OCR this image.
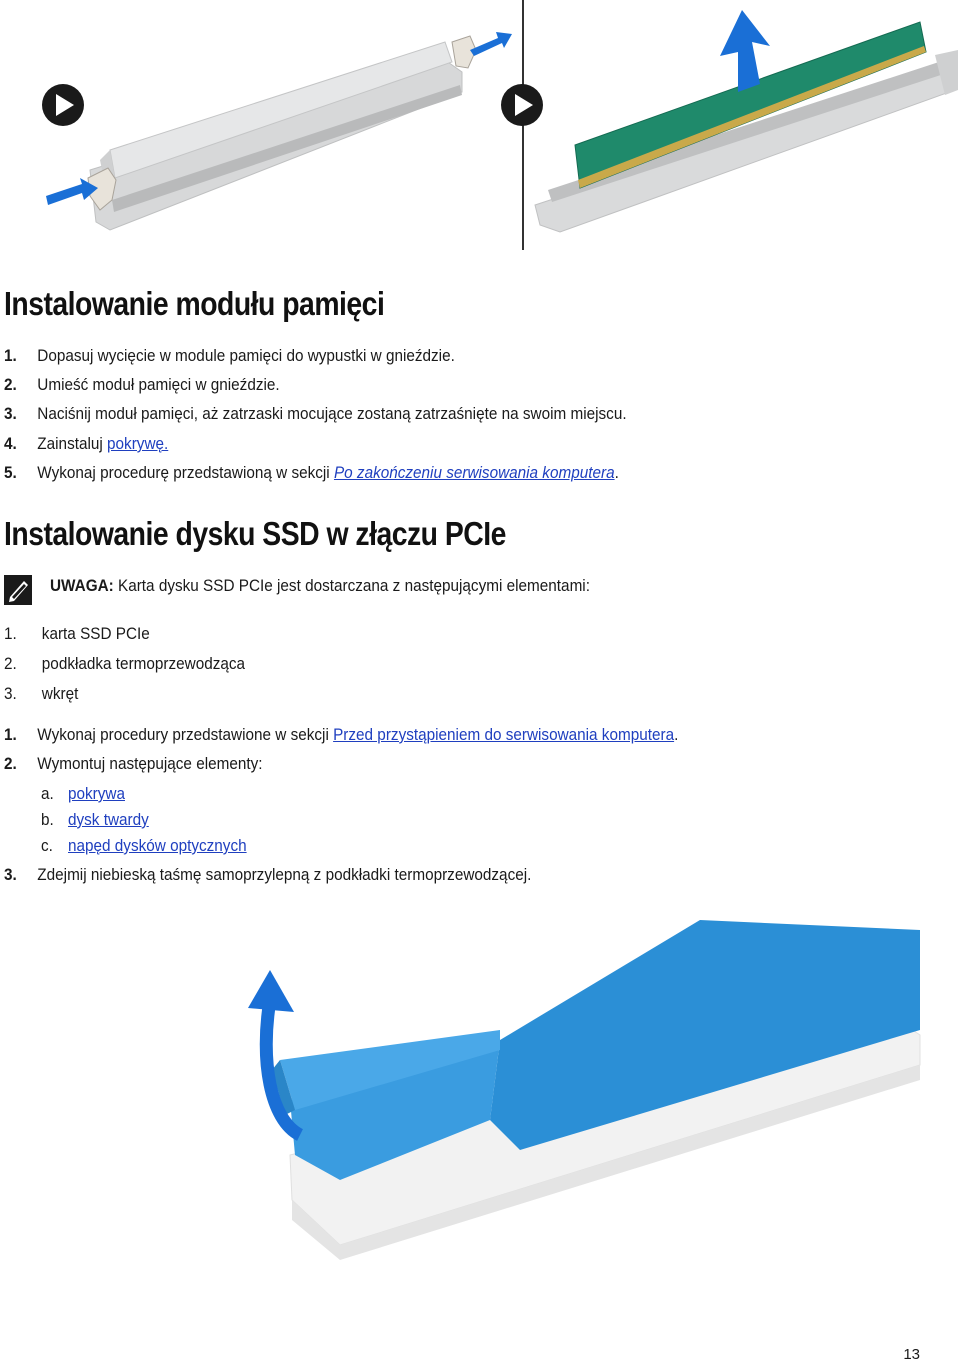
Instalowanie modułu pamięci
1. Dopasuj wycięcie w module pamięci do wypustki w gnieździe.
2. Umieść moduł pamięci w gnieździe.
3. Naciśnij moduł pamięci, aż zatrzaski mocujące zostaną zatrzaśnięte na swoim miejscu.
4. Zainstaluj pokrywę.
5. Wykonaj procedurę przedstawioną w sekcji Po zakończeniu serwisowania komputera.
Instalowanie dysku SSD w złączu PCIe
UWAGA: Karta dysku SSD PCIe jest dostarczana z następującymi elementami:
1. karta SSD PCIe
2. podkładka termoprzewodząca
3. wkręt
1. Wykonaj procedury przedstawione w sekcji Przed przystąpieniem do serwisowania komputera.
2. Wymontuj następujące elementy:
a. pokrywa
b. dysk twardy
c. napęd dysków optycznych
3. Zdejmij niebieską taśmę samoprzylepną z podkładki termoprzewodzącej.
13
